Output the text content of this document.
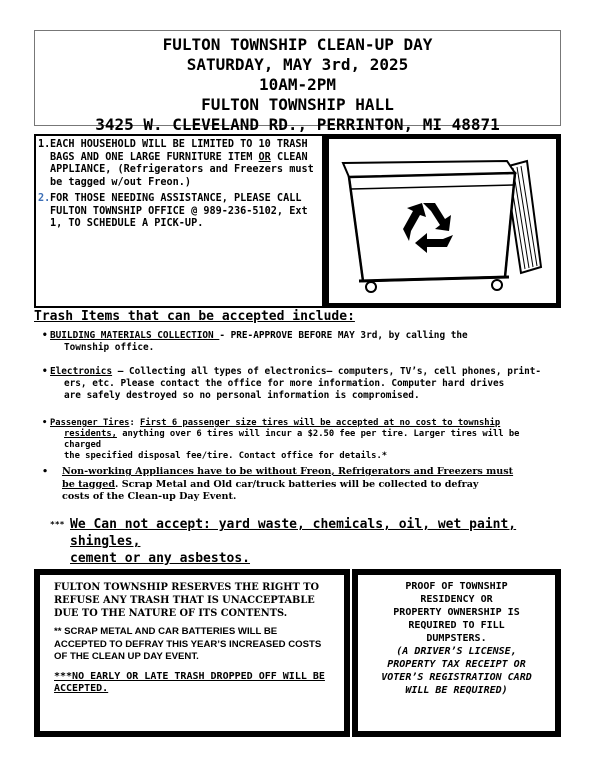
FULTON TOWNSHIP CLEAN-UP DAY
SATURDAY, MAY 3rd, 2025
10AM-2PM
FULTON TOWNSHIP HALL
3425 W. CLEVELAND RD., PERRINTON, MI 48871
1. EACH HOUSEHOLD WILL BE LIMITED TO 10 TRASH BAGS AND ONE LARGE FURNITURE ITEM OR CLEAN APPLIANCE, (Refrigerators and Freezers must be tagged w/out Freon.)
2. FOR THOSE NEEDING ASSISTANCE, PLEASE CALL FULTON TOWNSHIP OFFICE @ 989-236-5102, Ext 1, TO SCHEDULE A PICK-UP.
Trash Items that can be accepted include:
• BUILDING MATERIALS COLLECTION - PRE-APPROVE BEFORE MAY 3rd, by calling the
Township office.
• Electronics – Collecting all types of electronics— computers, TV’s, cell phones, print-
ers, etc. Please contact the office for more information. Computer hard drives
are safely destroyed so no personal information is compromised.
• Passenger Tires: First 6 passenger size tires will be accepted at no cost to township
residents, anything over 6 tires will incur a $2.50 fee per tire. Larger tires will be charged
the specified disposal fee/tire. Contact office for details.*
•	Non-working Appliances have to be without Freon, Refrigerators and Freezers must
be tagged. Scrap Metal and Old car/truck batteries will be collected to defray
costs of the Clean-up Day Event.
*** We Can not accept: yard waste, chemicals, oil, wet paint, shingles,
cement or any asbestos.

FULTON TOWNSHIP RESERVES THE RIGHT TO REFUSE ANY TRASH THAT IS UNACCEPTABLE DUE TO THE NATURE OF ITS CONTENTS.

** SCRAP METAL AND CAR BATTERIES WILL BE ACCEPTED TO DEFRAY THIS YEAR’S INCREASED COSTS OF THE CLEAN UP DAY EVENT.

***NO EARLY OR LATE TRASH DROPPED OFF WILL BE ACCEPTED.

PROOF OF TOWNSHIP
RESIDENCY OR
PROPERTY OWNERSHIP IS
REQUIRED TO FILL
DUMPSTERS.
(A DRIVER’S LICENSE,
PROPERTY TAX RECEIPT OR
VOTER’S REGISTRATION CARD
WILL BE REQUIRED)
